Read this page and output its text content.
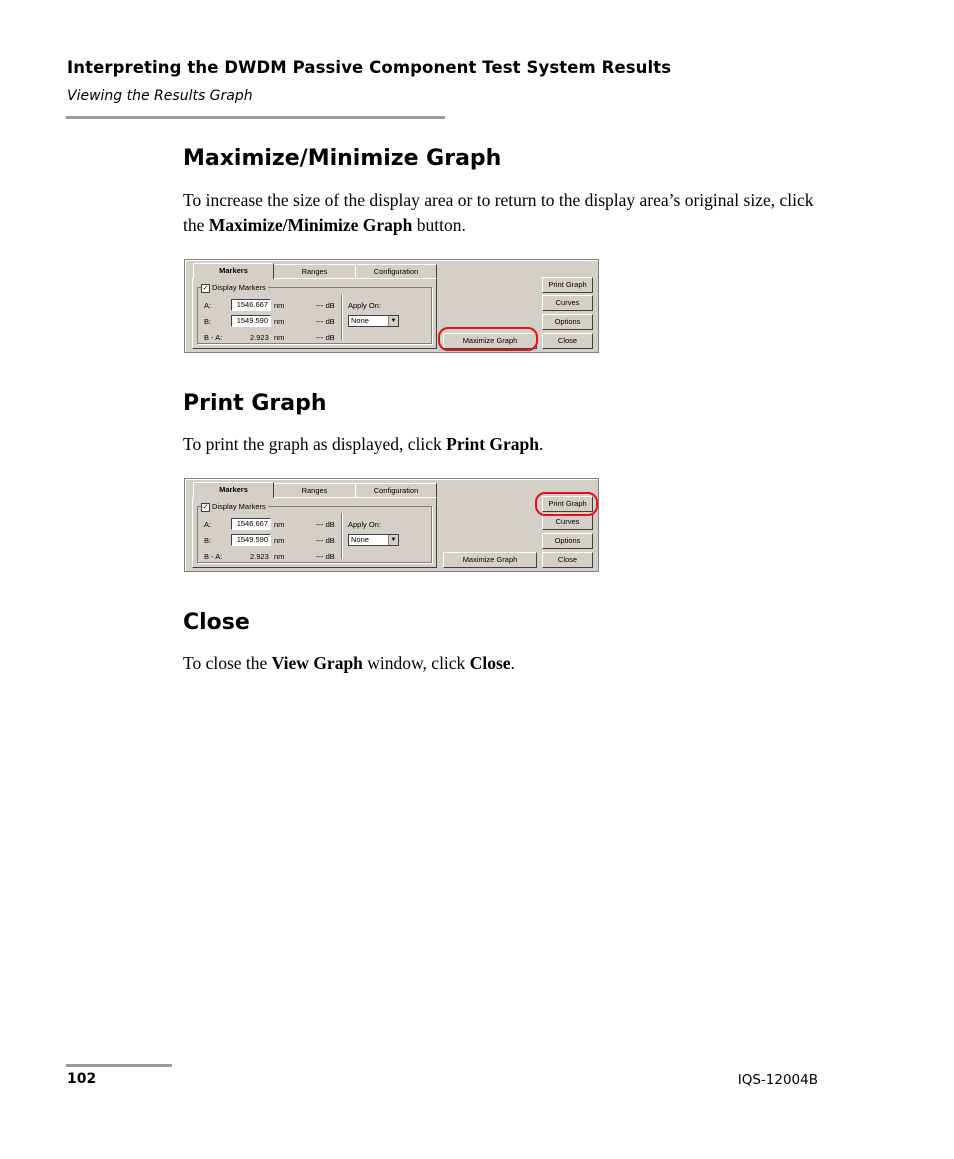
Interpreting the DWDM Passive Component Test System Results
Viewing the Results Graph
Maximize/Minimize Graph
To increase the size of the display area or to return to the display area’s original size, click the Maximize/Minimize Graph button.
Markers	Ranges	Configuration
A:	1546.667 nm	--- dB
B:	1549.590 nm	--- dB
B - A:	2.923 nm	--- dB
Apply On:
None	▼
✓ Display Markers	Print Graph
Curves
Options
Close
Maximize Graph
Print Graph
To print the graph as displayed, click Print Graph.
Markers	Ranges	Configuration
A:	1546.667 nm	--- dB
B:	1549.590 nm	--- dB
B - A:	2.923 nm	--- dB
Apply On:
None	▼
✓ Display Markers	Print Graph
Curves
Options
Close
Maximize Graph
Close
To close the View Graph window, click Close.
102	IQS-12004B
